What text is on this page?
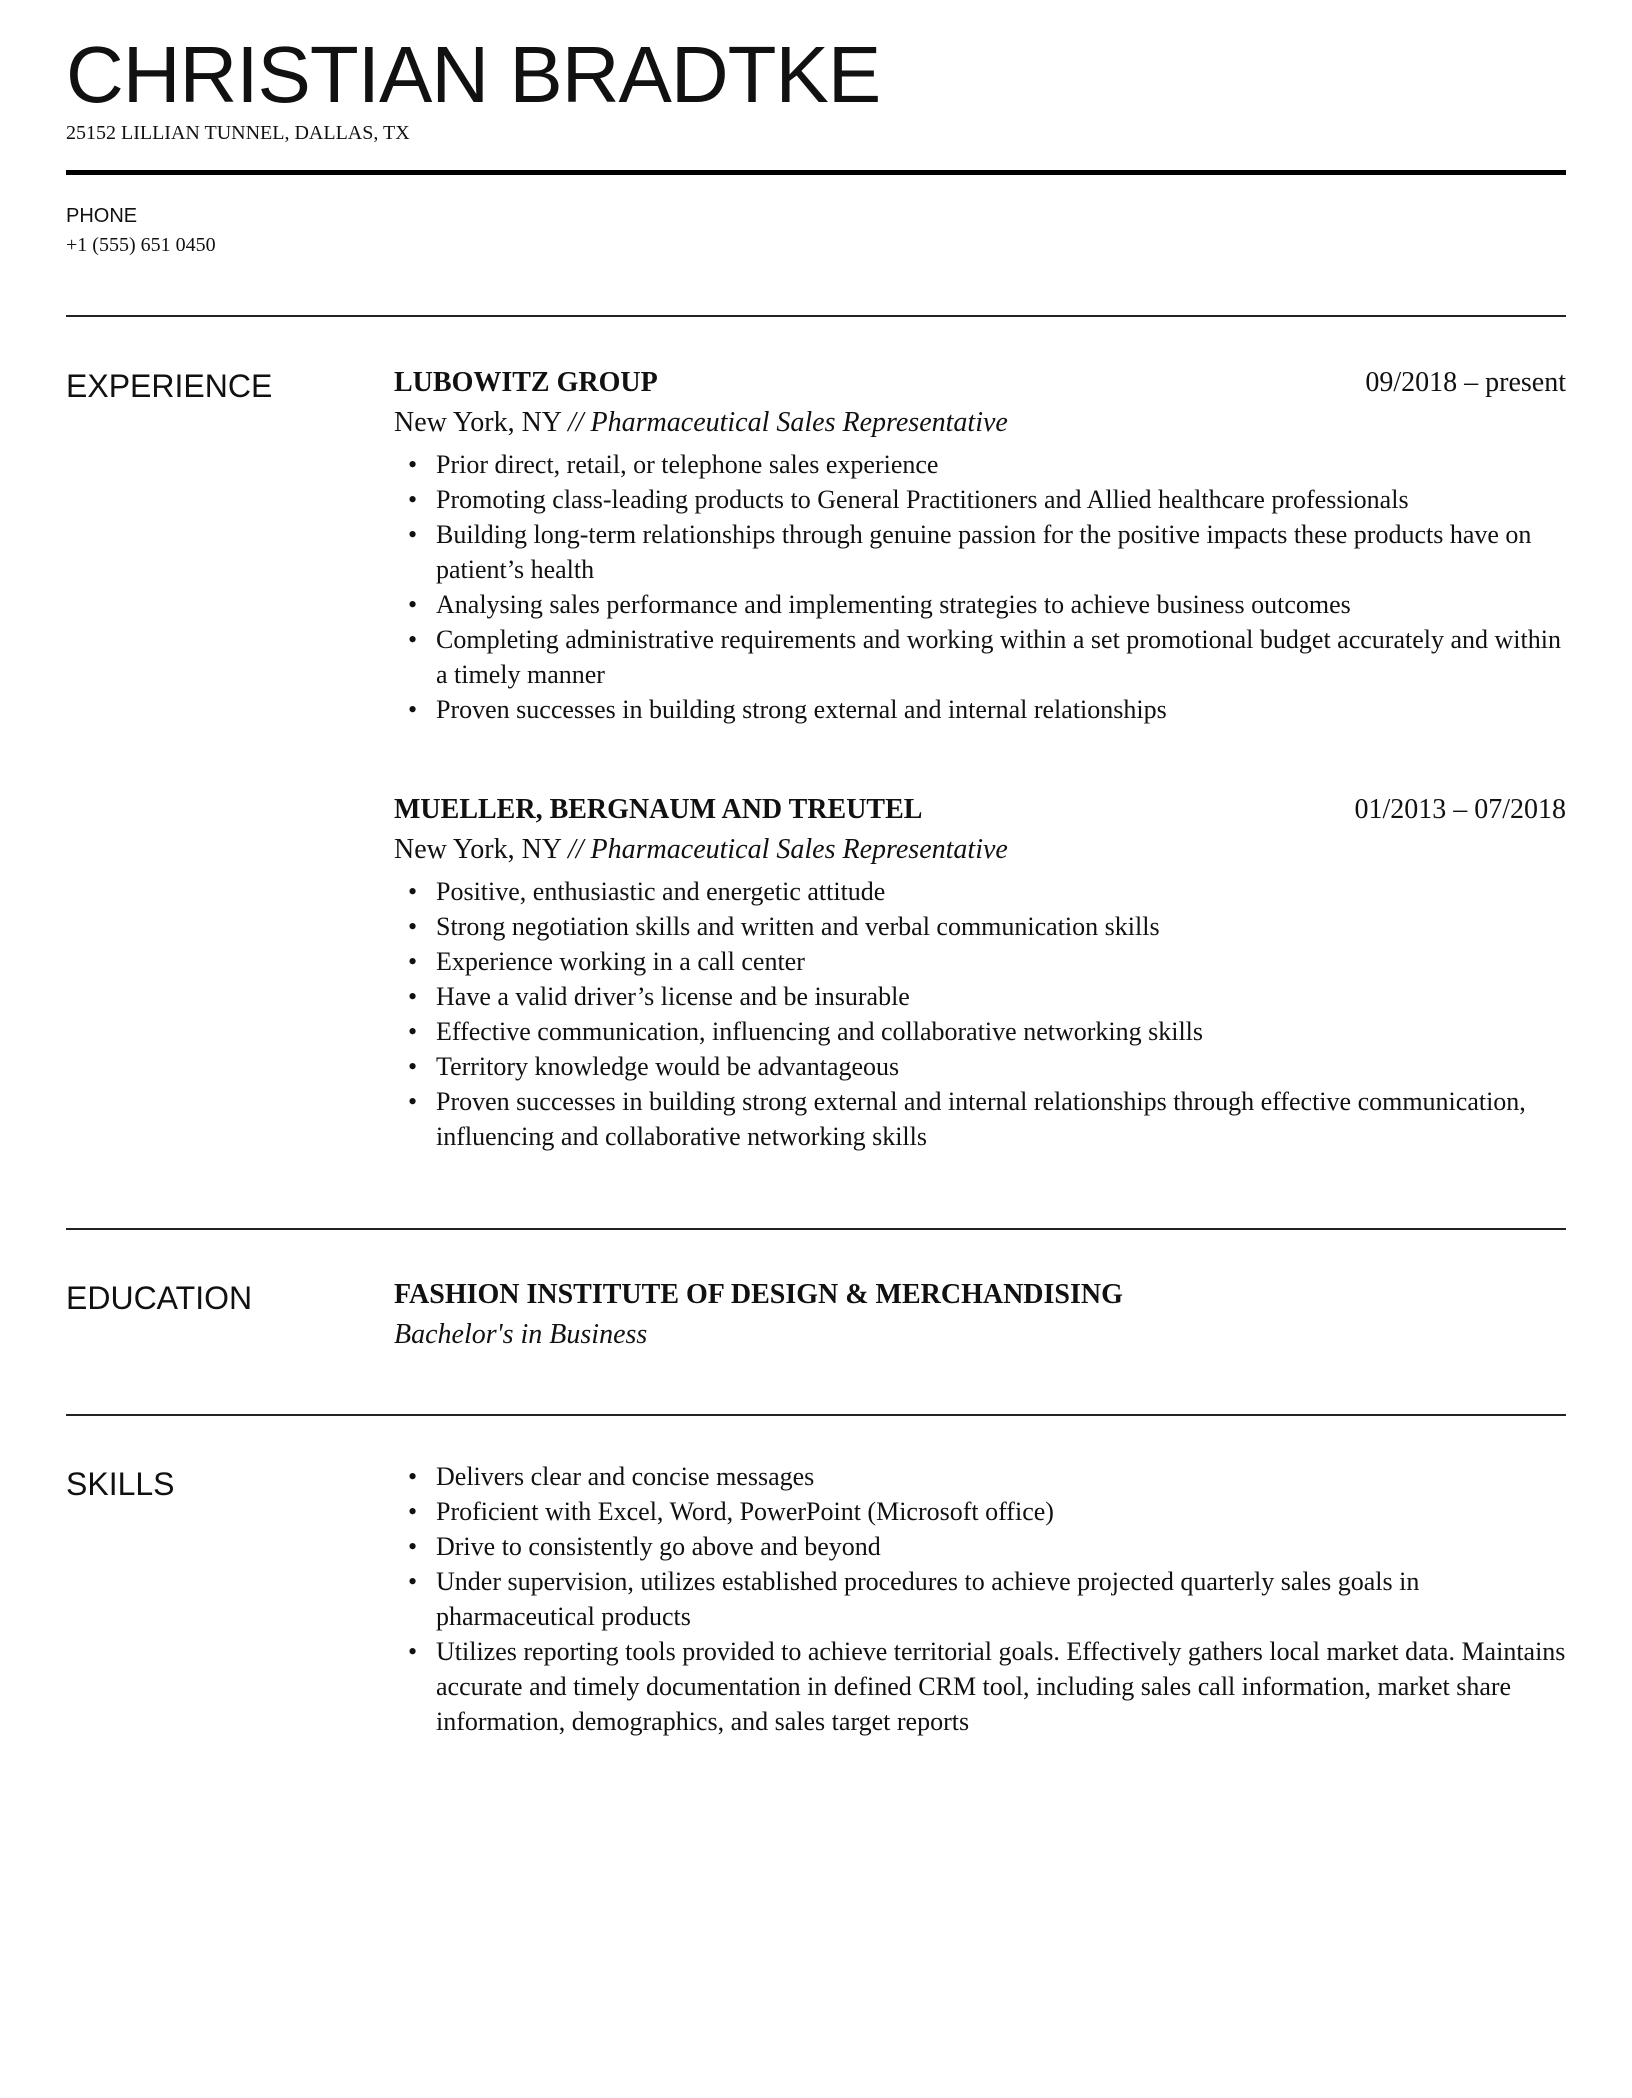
CHRISTIAN BRADTKE
25152 LILLIAN TUNNEL, DALLAS, TX
PHONE
+1 (555) 651 0450
EXPERIENCE	LUBOWITZ GROUP	09/2018 – present
New York, NY // Pharmaceutical Sales Representative
• Prior direct, retail, or telephone sales experience
• Promoting class-leading products to General Practitioners and Allied healthcare professionals
• Building long-term relationships through genuine passion for the positive impacts these products have on patient’s health
• Analysing sales performance and implementing strategies to achieve business outcomes
• Completing administrative requirements and working within a set promotional budget accurately and within a timely manner
• Proven successes in building strong external and internal relationships
MUELLER, BERGNAUM AND TREUTEL	01/2013 – 07/2018
New York, NY // Pharmaceutical Sales Representative
• Positive, enthusiastic and energetic attitude
• Strong negotiation skills and written and verbal communication skills
• Experience working in a call center
• Have a valid driver’s license and be insurable
• Effective communication, influencing and collaborative networking skills
• Territory knowledge would be advantageous
• Proven successes in building strong external and internal relationships through effective communication, influencing and collaborative networking skills
EDUCATION	FASHION INSTITUTE OF DESIGN & MERCHANDISING
Bachelor's in Business
SKILLS
•	Delivers clear and concise messages
• Proficient with Excel, Word, PowerPoint (Microsoft office)
• Drive to consistently go above and beyond
• Under supervision, utilizes established procedures to achieve projected quarterly sales goals in pharmaceutical products
• Utilizes reporting tools provided to achieve territorial goals. Effectively gathers local market data. Maintains accurate and timely documentation in defined CRM tool, including sales call information, market share information, demographics, and sales target reports
